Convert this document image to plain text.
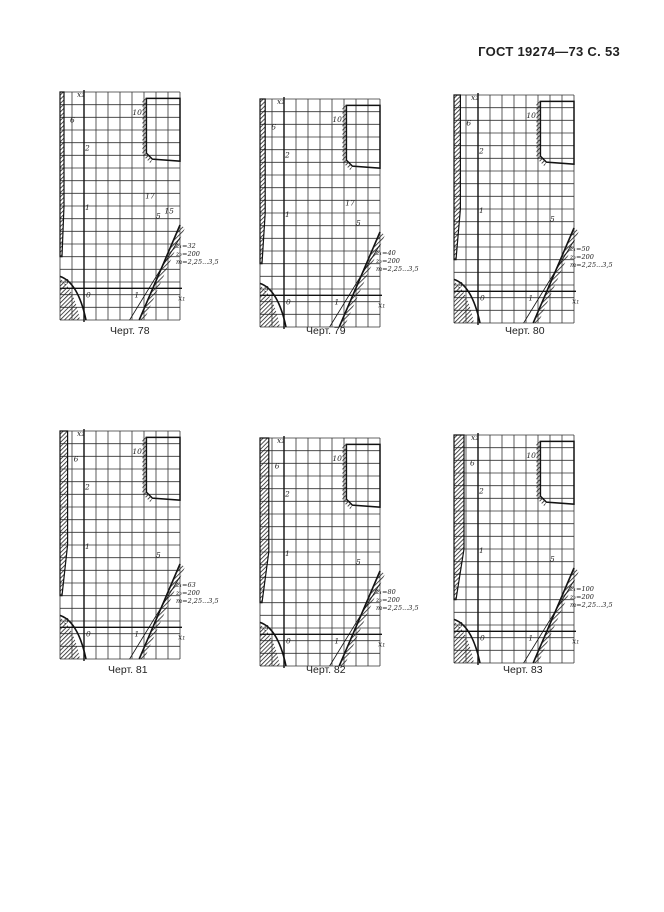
ГОСТ 19274—73 С. 53
x₂
x₁
0
6
9
10
5
2
1
1
17
15
z₁=32
z₂=200
m=2,25...3,5
Черт. 78
x₂
x₁
0
6
9
10
5
2
1
1
17
z₁=40
z₂=200
m=2,25...3,5
Черт. 79
x₂
x₁
0
6
9
10
5
2
1
1
z₁=50
z₂=200
m=2,25...3,5
Черт. 80
x₂
x₁
0
6
9
10
5
2
1
1
z₁=63
z₂=200
m=2,25...3,5
Черт. 81
x₂
x₁
0
6
9
10
5
2
1
1
z₁=80
z₂=200
m=2,25...3,5
Черт. 82
x₂
x₁
0
6
9
10
5
2
1
1
z₁=100
z₂=200
m=2,25...3,5
Черт. 83
